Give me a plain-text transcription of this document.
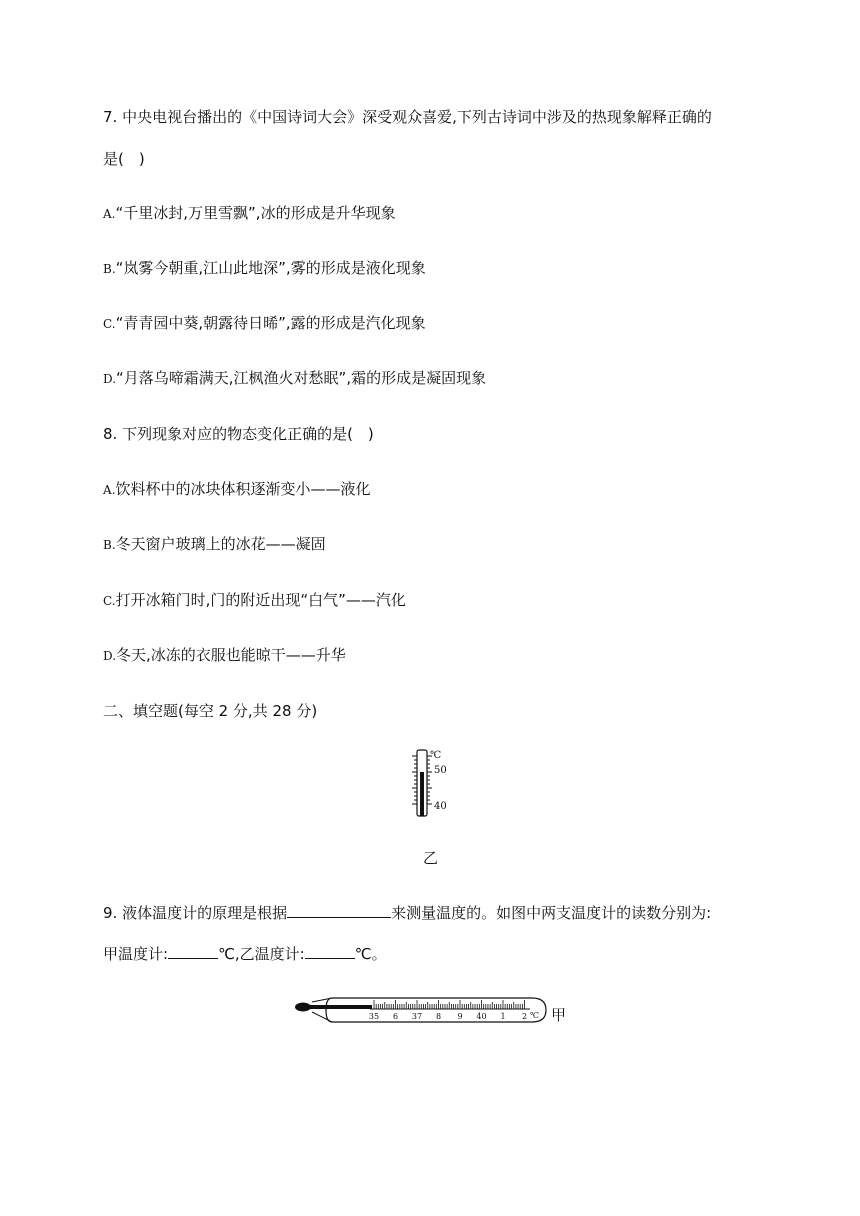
7. 中央电视台播出的《中国诗词大会》深受观众喜爱,下列古诗词中涉及的热现象解释正确的
是(　)
A.“千里冰封,万里雪飘”,冰的形成是升华现象
B.“岚雾今朝重,江山此地深”,雾的形成是液化现象
C.“青青园中葵,朝露待日晞”,露的形成是汽化现象
D.“月落乌啼霜满天,江枫渔火对愁眠”,霜的形成是凝固现象
8. 下列现象对应的物态变化正确的是(　)
A.饮料杯中的冰块体积逐渐变小——液化
B.冬天窗户玻璃上的冰花——凝固
C.打开冰箱门时,门的附近出现“白气”——汽化
D.冬天,冰冻的衣服也能晾干——升华
二、填空题(每空 2 分,共 28 分)
℃
50
40
乙
9. 液体温度计的原理是根据	来测量温度的。如图中两支温度计的读数分别为:
甲温度计:	℃,乙温度计:	℃。
35 6 37 8 9 40 1 2 ℃ 甲
